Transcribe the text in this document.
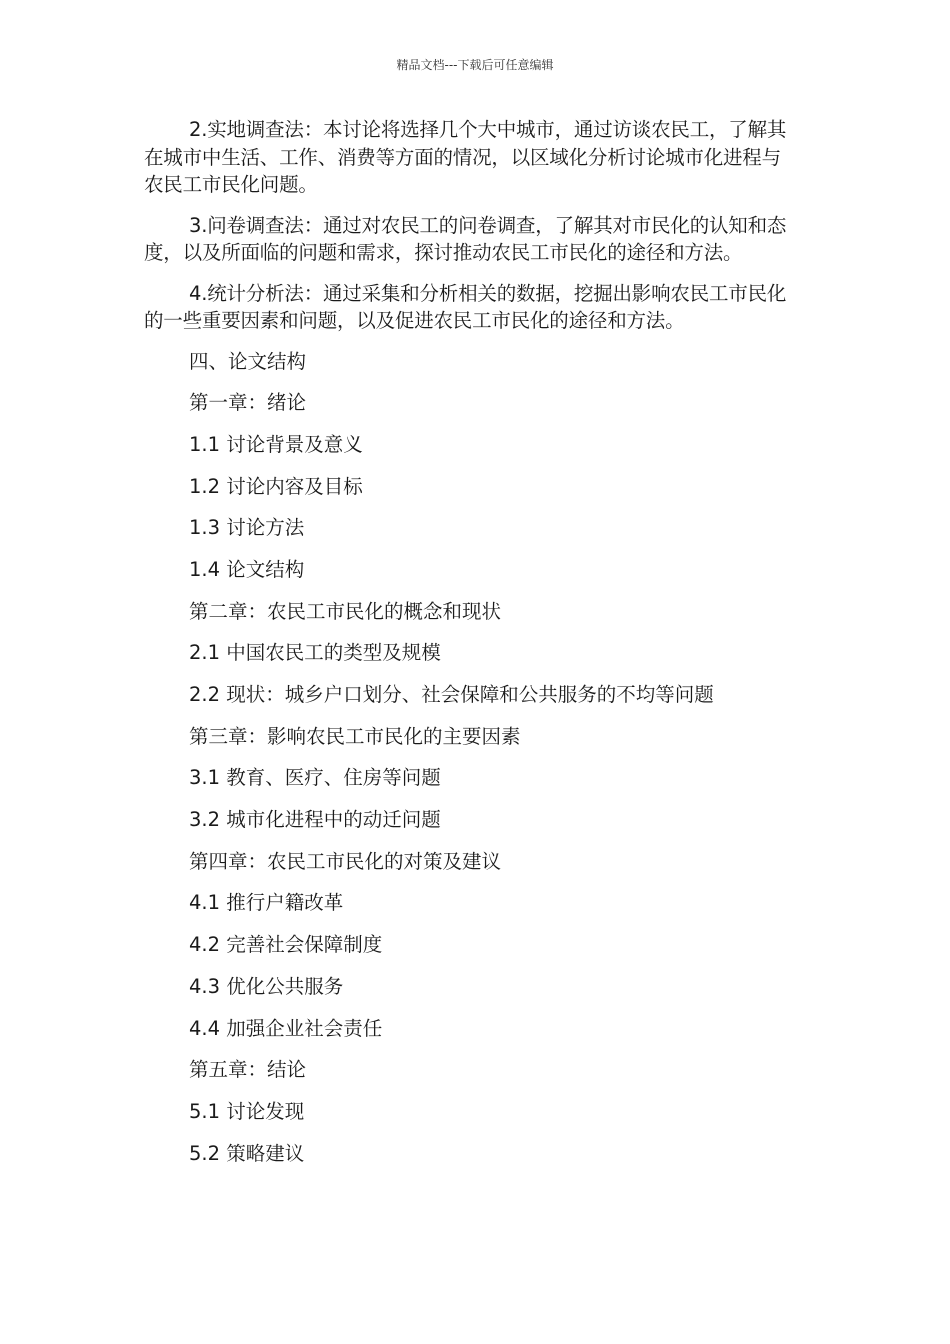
精品文档---下载后可任意编辑

2.实地调查法：本讨论将选择几个大中城市，通过访谈农民工，了解其在城市中生活、工作、消费等方面的情况，以区域化分析讨论城市化进程与农民工市民化问题。

3.问卷调查法：通过对农民工的问卷调查，了解其对市民化的认知和态度，以及所面临的问题和需求，探讨推动农民工市民化的途径和方法。

4.统计分析法：通过采集和分析相关的数据，挖掘出影响农民工市民化的一些重要因素和问题，以及促进农民工市民化的途径和方法。

四、论文结构

第一章：绪论

1.1 讨论背景及意义

1.2 讨论内容及目标

1.3 讨论方法

1.4 论文结构

第二章：农民工市民化的概念和现状

2.1 中国农民工的类型及规模

2.2 现状：城乡户口划分、社会保障和公共服务的不均等问题

第三章：影响农民工市民化的主要因素

3.1 教育、医疗、住房等问题

3.2 城市化进程中的动迁问题

第四章：农民工市民化的对策及建议

4.1 推行户籍改革

4.2 完善社会保障制度

4.3 优化公共服务

4.4 加强企业社会责任

第五章：结论

5.1 讨论发现

5.2 策略建议
